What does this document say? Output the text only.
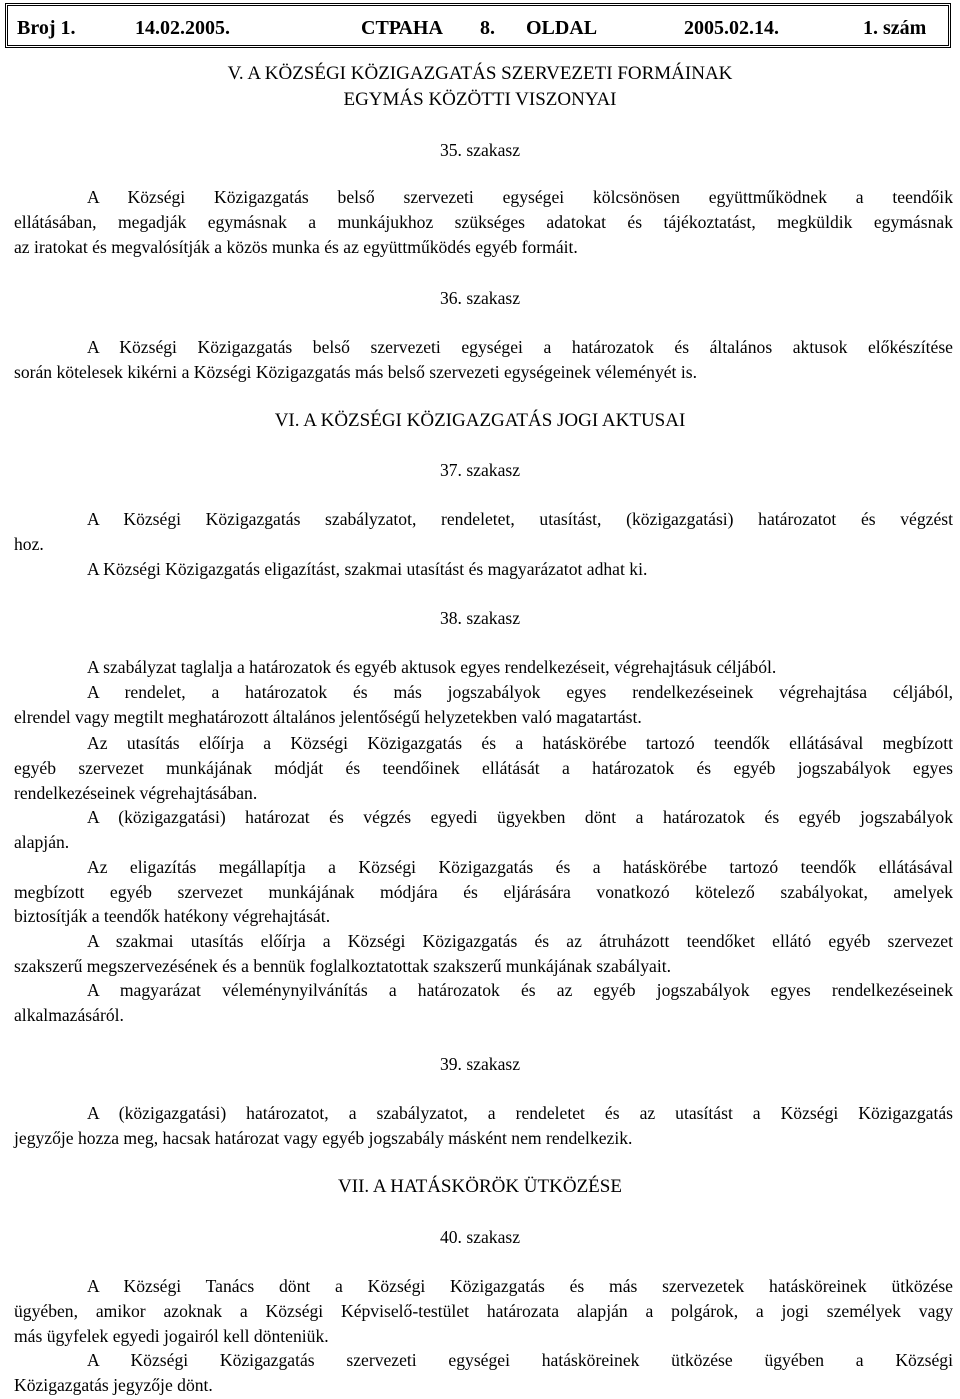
Broj 1.	14.02.2005.	СТРАНА 8. OLDAL	2005.02.14.	1. szám
V. A KÖZSÉGI KÖZIGAZGATÁS SZERVEZETI FORMÁINAK
EGYMÁS KÖZÖTTI VISZONYAI
35. szakasz
A Községi Közigazgatás belső szervezeti egységei kölcsönösen együttműködnek a teendőik
ellátásában, megadják egymásnak a munkájukhoz szükséges adatokat és tájékoztatást, megküldik egymásnak
az iratokat és megvalósítják a közös munka és az együttműködés egyéb formáit.
36. szakasz
A Községi Közigazgatás belső szervezeti egységei a határozatok és általános aktusok előkészítése
során kötelesek kikérni a Községi Közigazgatás más belső szervezeti egységeinek véleményét is.
VI. A KÖZSÉGI KÖZIGAZGATÁS JOGI AKTUSAI
37. szakasz
A Községi Közigazgatás szabályzatot, rendeletet, utasítást, (közigazgatási) határozatot és végzést
hoz.
A Községi Közigazgatás eligazítást, szakmai utasítást és magyarázatot adhat ki.
38. szakasz
A szabályzat taglalja a határozatok és egyéb aktusok egyes rendelkezéseit, végrehajtásuk céljából.
A rendelet, a határozatok és más jogszabályok egyes rendelkezéseinek végrehajtása céljából,
elrendel vagy megtilt meghatározott általános jelentőségű helyzetekben való magatartást.
Az utasítás előírja a Községi Közigazgatás és a hatáskörébe tartozó teendők ellátásával megbízott
egyéb szervezet munkájának módját és teendőinek ellátását a határozatok és egyéb jogszabályok egyes
rendelkezéseinek végrehajtásában.
A (közigazgatási) határozat és végzés egyedi ügyekben dönt a határozatok és egyéb jogszabályok
alapján.
Az eligazítás megállapítja a Községi Közigazgatás és a hatáskörébe tartozó teendők ellátásával
megbízott egyéb szervezet munkájának módjára és eljárására vonatkozó kötelező szabályokat, amelyek
biztosítják a teendők hatékony végrehajtását.
A szakmai utasítás előírja a Községi Közigazgatás és az átruházott teendőket ellátó egyéb szervezet
szakszerű megszervezésének és a bennük foglalkoztatottak szakszerű munkájának szabályait.
A magyarázat véleménynyilvánítás a határozatok és az egyéb jogszabályok egyes rendelkezéseinek
alkalmazásáról.
39. szakasz
A (közigazgatási) határozatot, a szabályzatot, a rendeletet és az utasítást a Községi Közigazgatás
jegyzője hozza meg, hacsak határozat vagy egyéb jogszabály másként nem rendelkezik.
VII. A HATÁSKÖRÖK ÜTKÖZÉSE
40. szakasz
A Községi Tanács dönt a Községi Közigazgatás és más szervezetek hatásköreinek ütközése
ügyében, amikor azoknak a Községi Képviselő-testület határozata alapján a polgárok, a jogi személyek vagy
más ügyfelek egyedi jogairól kell dönteniük.
A Községi Közigazgatás szervezeti egységei hatásköreinek ütközése ügyében a Községi
Közigazgatás jegyzője dönt.
